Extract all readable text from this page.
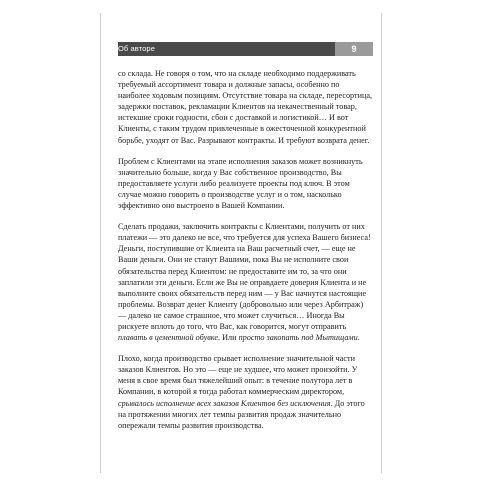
Об авторе	9

со склада. Не говоря о том, что на складе необходимо поддерживать требуемый ассортимент товара и должные запасы, особенно по наиболее ходовым позициям. Отсутствие товара на складе, пересортица, задержки поставок, рекламации Клиентов на некачественный товар, истекшие сроки годности, сбои с доставкой и логистикой… И вот Клиенты, с таким трудом привлеченные в ожесточенной конкурентной борьбе, уходят от Вас. Разрывают контракты. И требуют возврата денег.

Проблем с Клиентами на этапе исполнения заказов может возникнуть значительно больше, когда у Вас собственное производство, Вы предоставляете услуги либо реализуете проекты под ключ. В этом случае можно говорить о производстве услуг и о том, насколько эффективно оно выстроено в Вашей Компании.

Сделать продажи, заключить контракты с Клиентами, получить от них платежи — это далеко не все, что требуется для успеха Вашего бизнеса! Деньги, поступившие от Клиента на Ваш расчетный счет, — еще не Ваши деньги. Они не станут Вашими, пока Вы не исполните свои обязательства перед Клиентом: не предоставите им то, за что они заплатили эти деньги. Если же Вы не оправдаете доверия Клиента и не выполните своих обязательств перед ним — у Вас начнутся настоящие проблемы. Возврат денег Клиенту (добровольно или через Арбитраж) — далеко не самое страшное, что может случиться… Иногда Вы рискуете вплоть до того, что Вас, как говорится, могут отправить плавать в цементной обувке. Или просто закопать под Мытищами.

Плохо, когда производство срывает исполнение значительной части заказов Клиентов. Но это — еще не худшее, что может произойти. У меня в свое время был тяжелейший опыт: в течение полутора лет в Компании, в которой я тогда работал коммерческим директором, срывалось исполнение всех заказов Клиентов без исключения. До этого на протяжении многих лет темпы развития продаж значительно опережали темпы развития производства.
